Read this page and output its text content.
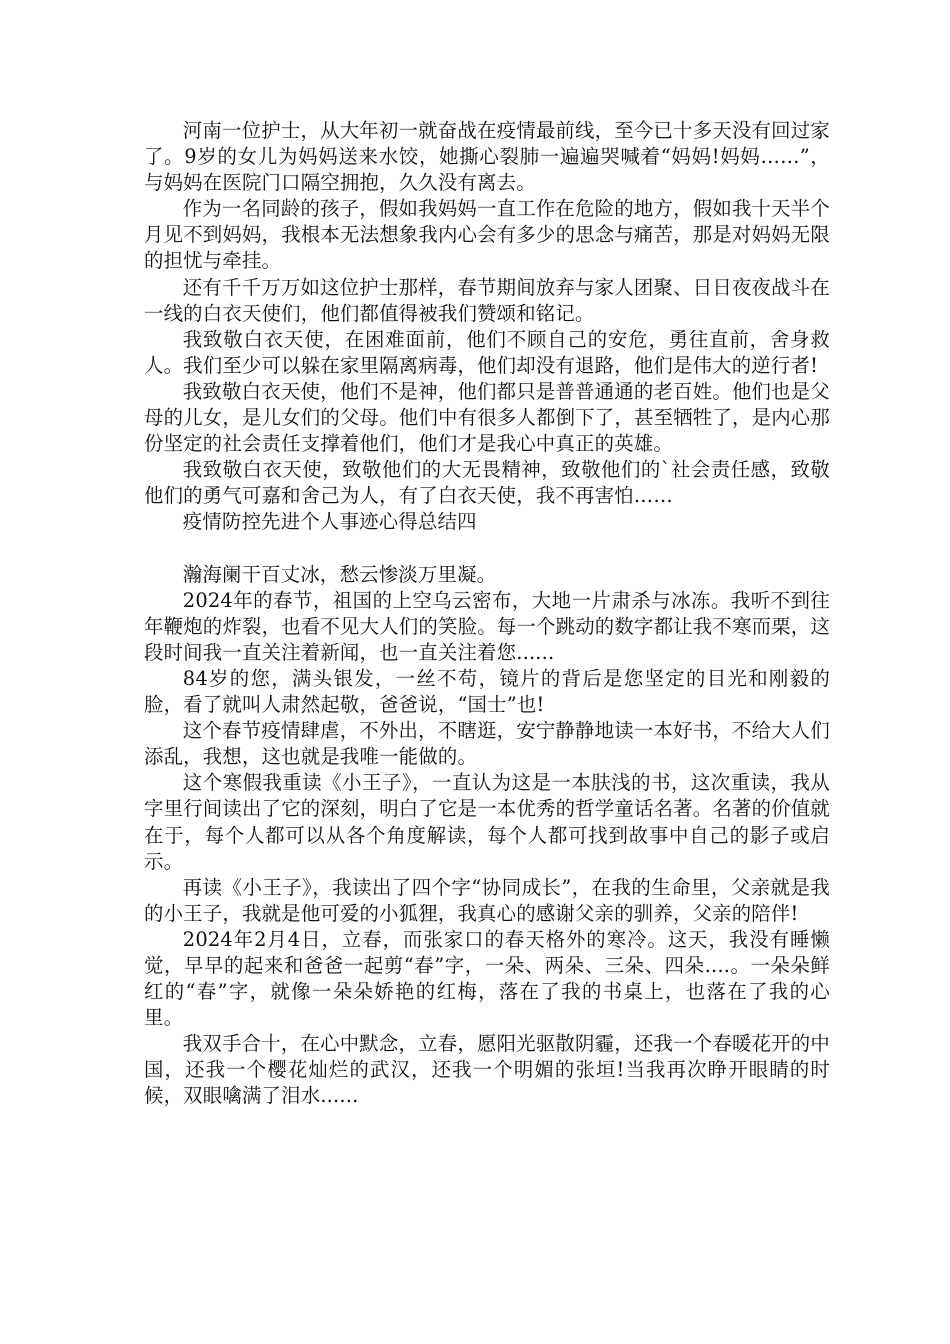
河南一位护士，从大年初一就奋战在疫情最前线，至今已十多天没有回过家了。9岁的女儿为妈妈送来水饺，她撕心裂肺一遍遍哭喊着“妈妈!妈妈……”，与妈妈在医院门口隔空拥抱，久久没有离去。

作为一名同龄的孩子，假如我妈妈一直工作在危险的地方，假如我十天半个月见不到妈妈，我根本无法想象我内心会有多少的思念与痛苦，那是对妈妈无限的担忧与牵挂。

还有千千万万如这位护士那样，春节期间放弃与家人团聚、日日夜夜战斗在一线的白衣天使们，他们都值得被我们赞颂和铭记。

我致敬白衣天使，在困难面前，他们不顾自己的安危，勇往直前，舍身救人。我们至少可以躲在家里隔离病毒，他们却没有退路，他们是伟大的逆行者!

我致敬白衣天使，他们不是神，他们都只是普普通通的老百姓。他们也是父母的儿女，是儿女们的父母。他们中有很多人都倒下了，甚至牺牲了，是内心那份坚定的社会责任支撑着他们，他们才是我心中真正的英雄。

我致敬白衣天使，致敬他们的大无畏精神，致敬他们的`社会责任感，致敬他们的勇气可嘉和舍己为人，有了白衣天使，我不再害怕……

疫情防控先进个人事迹心得总结四

瀚海阑干百丈冰，愁云惨淡万里凝。

2024年的春节，祖国的上空乌云密布，大地一片肃杀与冰冻。我听不到往年鞭炮的炸裂，也看不见大人们的笑脸。每一个跳动的数字都让我不寒而栗，这段时间我一直关注着新闻，也一直关注着您......

84岁的您，满头银发，一丝不苟，镜片的背后是您坚定的目光和刚毅的脸，看了就叫人肃然起敬，爸爸说，“国士”也!

这个春节疫情肆虐，不外出，不瞎逛，安宁静静地读一本好书，不给大人们添乱，我想，这也就是我唯一能做的。

这个寒假我重读《小王子》，一直认为这是一本肤浅的书，这次重读，我从字里行间读出了它的深刻，明白了它是一本优秀的哲学童话名著。名著的价值就在于，每个人都可以从各个角度解读，每个人都可找到故事中自己的影子或启示。

再读《小王子》，我读出了四个字“协同成长”，在我的生命里，父亲就是我的小王子，我就是他可爱的小狐狸，我真心的感谢父亲的驯养，父亲的陪伴!

2024年2月4日，立春，而张家口的春天格外的寒冷。这天，我没有睡懒觉，早早的起来和爸爸一起剪“春”字，一朵、两朵、三朵、四朵....。一朵朵鲜红的“春”字，就像一朵朵娇艳的红梅，落在了我的书桌上，也落在了我的心里。

我双手合十，在心中默念，立春，愿阳光驱散阴霾，还我一个春暖花开的中国，还我一个樱花灿烂的武汉，还我一个明媚的张垣!当我再次睁开眼睛的时候，双眼噙满了泪水......
